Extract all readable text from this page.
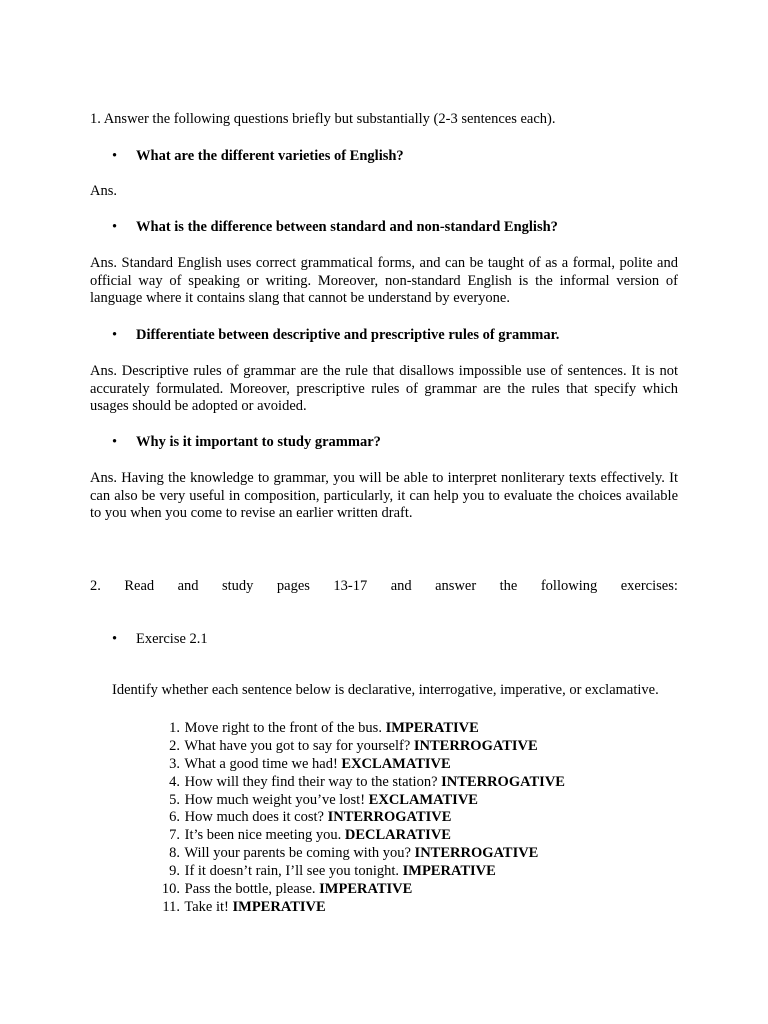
1. Answer the following questions briefly but substantially (2-3 sentences each).

•	What are the different varieties of English?

Ans.

•	What is the difference between standard and non-standard English?

Ans. Standard English uses correct grammatical forms, and can be taught of as a formal, polite and official way of speaking or writing. Moreover, non-standard English is the informal version of language where it contains slang that cannot be understand by everyone.

•	Differentiate between descriptive and prescriptive rules of grammar.

Ans. Descriptive rules of grammar are the rule that disallows impossible use of sentences. It is not accurately formulated. Moreover, prescriptive rules of grammar are the rules that specify which usages should be adopted or avoided.

•	Why is it important to study grammar?

Ans. Having the knowledge to grammar, you will be able to interpret nonliterary texts effectively. It can also be very useful in composition, particularly, it can help you to evaluate the choices available to you when you come to revise an earlier written draft.

2. Read and study pages 13-17 and answer the following exercises:
•	Exercise 2.1

Identify whether each sentence below is declarative, interrogative, imperative, or exclamative.

1. Move right to the front of the bus. IMPERATIVE
2. What have you got to say for yourself? INTERROGATIVE
3. What a good time we had! EXCLAMATIVE
4. How will they find their way to the station? INTERROGATIVE
5. How much weight you’ve lost! EXCLAMATIVE
6. How much does it cost? INTERROGATIVE
7. It’s been nice meeting you. DECLARATIVE
8. Will your parents be coming with you? INTERROGATIVE
9. If it doesn’t rain, I’ll see you tonight. IMPERATIVE
10. Pass the bottle, please. IMPERATIVE
11. Take it! IMPERATIVE
